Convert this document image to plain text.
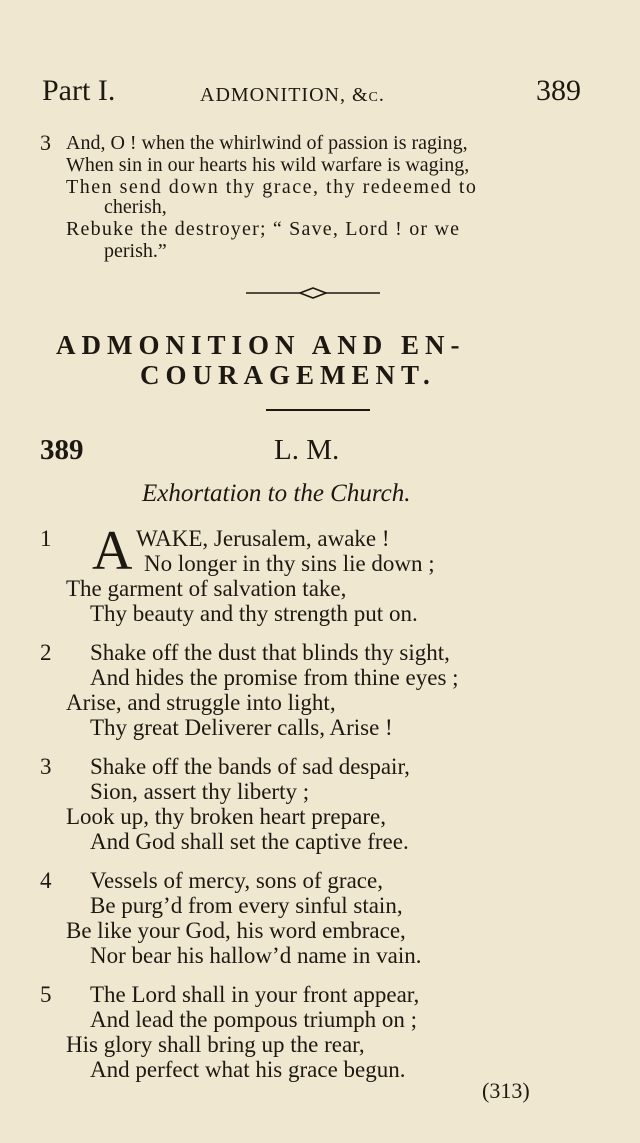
Part I.	ADMONITION, &c.	389
3 And, O ! when the whirlwind of passion is raging,
When sin in our hearts his wild warfare is waging,
Then send down thy grace, thy redeemed to
cherish,
Rebuke the destroyer; “ Save, Lord ! or we
perish.”
ADMONITION AND EN-
COURAGEMENT.
389	L. M.
Exhortation to the Church.
1 A WAKE, Jerusalem, awake !
No longer in thy sins lie down ;
The garment of salvation take,
Thy beauty and thy strength put on.
2 Shake off the dust that blinds thy sight,
And hides the promise from thine eyes ;
Arise, and struggle into light,
Thy great Deliverer calls, Arise !
3 Shake off the bands of sad despair,
Sion, assert thy liberty ;
Look up, thy broken heart prepare,
And God shall set the captive free.
4 Vessels of mercy, sons of grace,
Be purg’d from every sinful stain,
Be like your God, his word embrace,
Nor bear his hallow’d name in vain.
5 The Lord shall in your front appear,
And lead the pompous triumph on ;
His glory shall bring up the rear,
And perfect what his grace begun.
(313)
